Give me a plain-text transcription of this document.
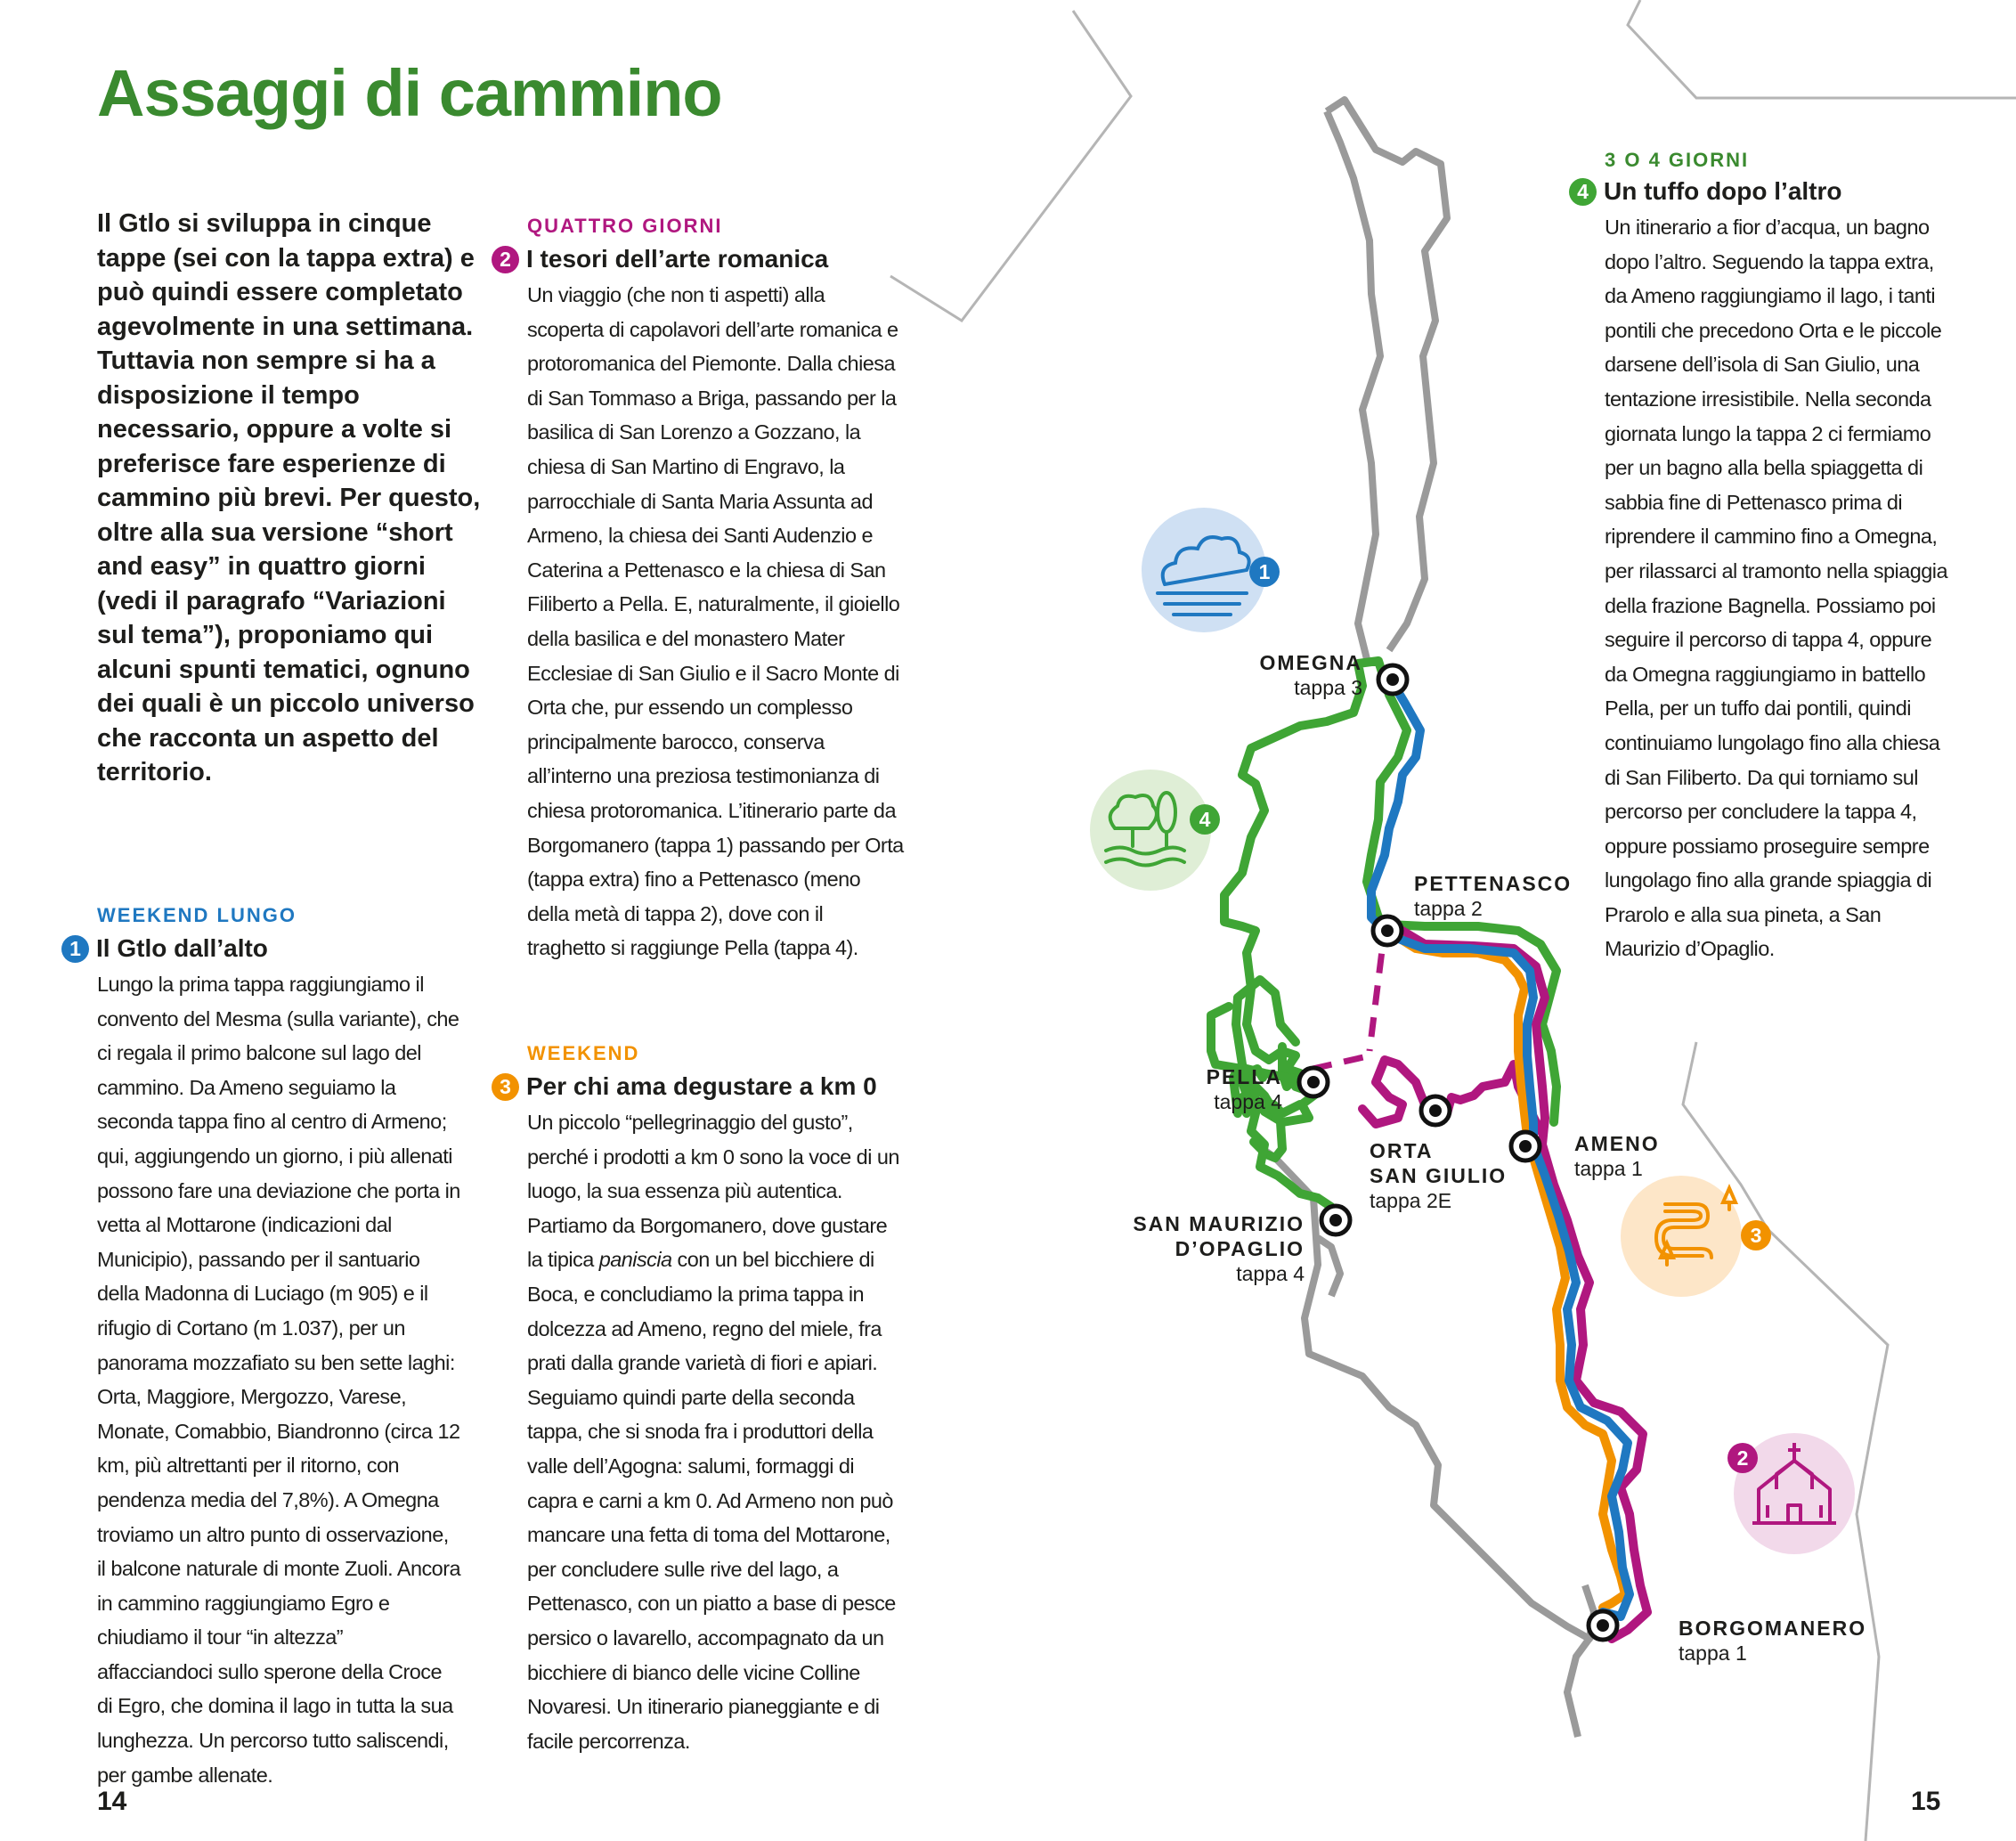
1
4
3
2
OMEGNA
tappa 3
PETTENASCO
tappa 2
PELLA
tappa 4
ORTA
SAN GIULIO
tappa 2E
AMENO
tappa 1
SAN MAURIZIO
D’OPAGLIO
tappa 4
BORGOMANERO
tappa 1
Assaggi di cammino

Il Gtlo si sviluppa in cinque tappe (sei con la tappa extra) e può quindi essere completato agevolmente in una settimana. Tuttavia non sempre si ha a disposizione il tempo necessario, oppure a volte si preferisce fare esperienze di cammino più brevi. Per questo, oltre alla sua versione “short and easy” in quattro giorni (vedi il paragrafo “Variazioni sul tema”), proponiamo qui alcuni spunti tematici, ognuno dei quali è un piccolo universo che racconta un aspetto del territorio.

WEEKEND LUNGO
1 Il Gtlo dall’alto

Lungo la prima tappa raggiungiamo il convento del Mesma (sulla variante), che ci regala il primo balcone sul lago del cammino. Da Ameno seguiamo la seconda tappa fino al centro di Armeno; qui, aggiungendo un giorno, i più allenati possono fare una deviazione che porta in vetta al Mottarone (indicazioni dal Municipio), passando per il santuario della Madonna di Luciago (m 905) e il rifugio di Cortano (m 1.037), per un panorama mozzafiato su ben sette laghi: Orta, Maggiore, Mergozzo, Varese, Monate, Comabbio, Biandronno (circa 12 km, più altrettanti per il ritorno, con pendenza media del 7,8%). A Omegna troviamo un altro punto di osservazione, il balcone naturale di monte Zuoli. Ancora in cammino raggiungiamo Egro e chiudiamo il tour “in altezza” affacciandoci sullo sperone della Croce di Egro, che domina il lago in tutta la sua lunghezza. Un percorso tutto saliscendi, per gambe allenate.

QUATTRO GIORNI
2 I tesori dell’arte romanica

Un viaggio (che non ti aspetti) alla scoperta di capolavori dell’arte romanica e protoromanica del Piemonte. Dalla chiesa di San Tommaso a Briga, passando per la basilica di San Lorenzo a Gozzano, la chiesa di San Martino di Engravo, la parrocchiale di Santa Maria Assunta ad Armeno, la chiesa dei Santi Audenzio e Caterina a Pettenasco e la chiesa di San Filiberto a Pella. E, naturalmente, il gioiello della basilica e del monastero Mater Ecclesiae di San Giulio e il Sacro Monte di Orta che, pur essendo un complesso principalmente barocco, conserva all’interno una preziosa testimonianza di chiesa protoromanica. L’itinerario parte da Borgomanero (tappa 1) passando per Orta (tappa extra) fino a Pettenasco (meno della metà di tappa 2), dove con il traghetto si raggiunge Pella (tappa 4).

WEEKEND
3 Per chi ama degustare a km 0

Un piccolo “pellegrinaggio del gusto”, perché i prodotti a km 0 sono la voce di un luogo, la sua essenza più autentica. Partiamo da Borgomanero, dove gustare la tipica paniscia con un bel bicchiere di Boca, e concludiamo la prima tappa in dolcezza ad Ameno, regno del miele, fra prati dalla grande varietà di fiori e apiari. Seguiamo quindi parte della seconda tappa, che si snoda fra i produttori della valle dell’Agogna: salumi, formaggi di capra e carni a km 0. Ad Armeno non può mancare una fetta di toma del Mottarone, per concludere sulle rive del lago, a Pettenasco, con un piatto a base di pesce persico o lavarello, accompagnato da un bicchiere di bianco delle vicine Colline Novaresi. Un itinerario pianeggiante e di facile percorrenza.

3 O 4 GIORNI
4 Un tuffo dopo l’altro

Un itinerario a fior d’acqua, un bagno dopo l’altro. Seguendo la tappa extra, da Ameno raggiungiamo il lago, i tanti pontili che precedono Orta e le piccole darsene dell’isola di San Giulio, una tentazione irresistibile. Nella seconda giornata lungo la tappa 2 ci fermiamo per un bagno alla bella spiaggetta di sabbia fine di Pettenasco prima di riprendere il cammino fino a Omegna, per rilassarci al tramonto nella spiaggia della frazione Bagnella. Possiamo poi seguire il percorso di tappa 4, oppure da Omegna raggiungiamo in battello Pella, per un tuffo dai pontili, quindi continuiamo lungolago fino alla chiesa di San Filiberto. Da qui torniamo sul percorso per concludere la tappa 4, oppure possiamo proseguire sempre lungolago fino alla grande spiaggia di Prarolo e alla sua pineta, a San Maurizio d’Opaglio.

14	15
